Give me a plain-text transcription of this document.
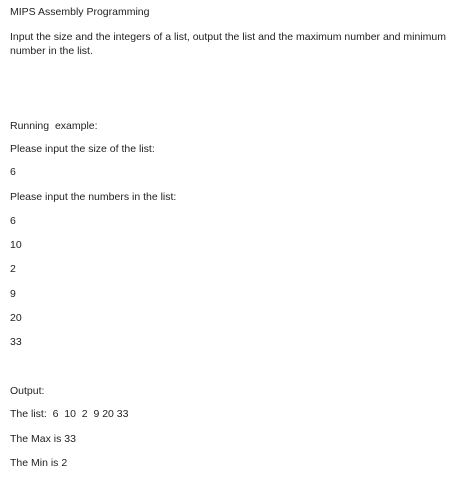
MIPS Assembly Programming
Input the size and the integers of a list, output the list and the maximum number and minimum number in the list.
Running  example:
Please input the size of the list:
6
Please input the numbers in the list:
6
10
2
9
20
33
Output:
The list:  6  10  2  9 20 33
The Max is 33
The Min is 2
